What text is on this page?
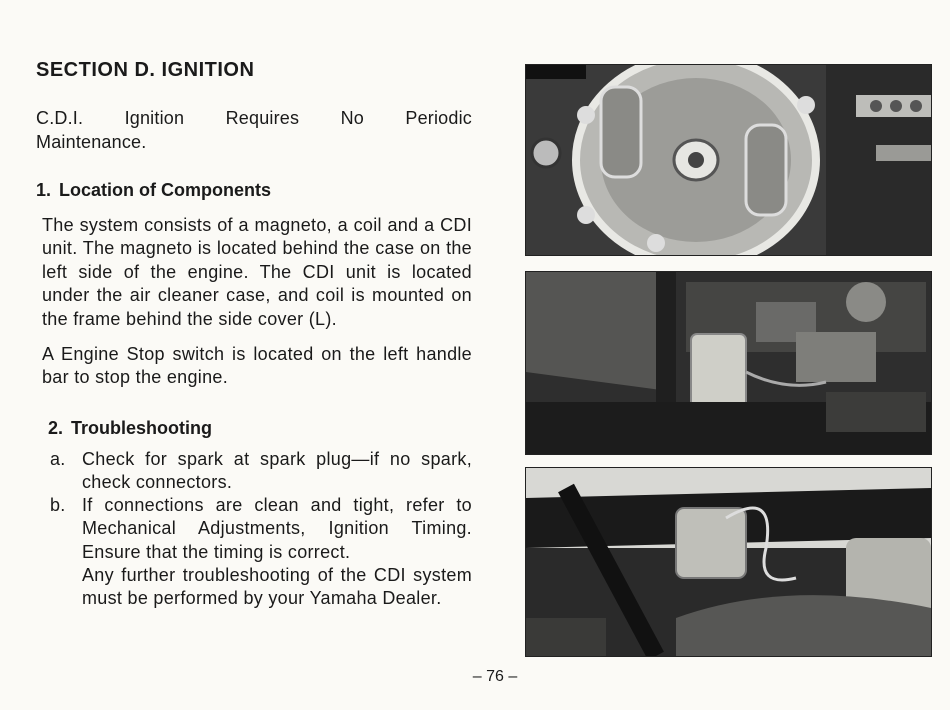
SECTION D. IGNITION
C.D.I. Ignition Requires No Periodic
Maintenance.
1. Location of Components
The system consists of a magneto, a coil and a CDI unit. The magneto is located behind the case on the left side of the engine. The CDI unit is located under the air cleaner case, and coil is mounted on the frame behind the side cover (L).
A Engine Stop switch is located on the left handle bar to stop the engine.
2. Troubleshooting
a. Check for spark at spark plug—if no spark, check connectors.
b. If connections are clean and tight, refer to Mechanical Adjustments, Ignition Timing. Ensure that the timing is correct.
Any further troubleshooting of the CDI system must be performed by your Yamaha Dealer.
– 76 –
